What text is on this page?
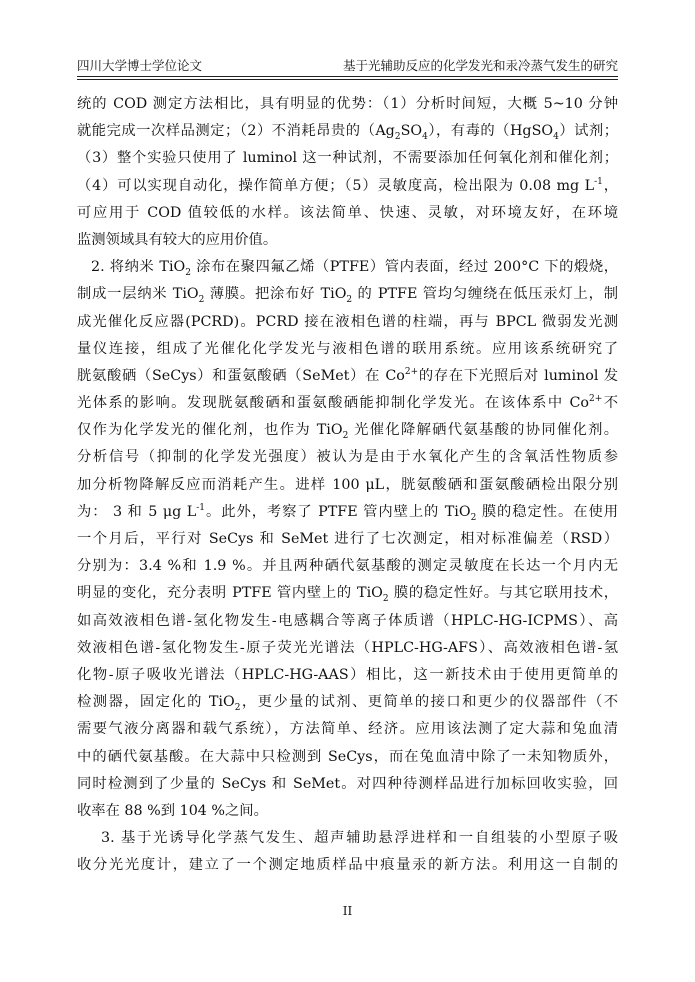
四川大学博士学位论文	基于光辅助反应的化学发光和汞冷蒸气发生的研究
统的 COD 测定方法相比，具有明显的优势：（1）分析时间短，大概 5~10 分钟
就能完成一次样品测定；（2）不消耗昂贵的$(Ag_2SO_4)$，有毒的（HgSO$_4$）试剂；
（3）整个实验只使用了 luminol 这一种试剂，不需要添加任何氧化剂和催化剂；
（4）可以实现自动化，操作简单方便；（5）灵敏度高，检出限为 0.08 mg $L^{-1}$，
可应用于 COD 值较低的水样。该法简单、快速、灵敏，对环境友好，在环境
监测领域具有较大的应用价值。
2. 将纳米 TiO$_2$ 涂布在聚四氟乙烯（PTFE）管内表面，经过 200°C 下的煅烧，
制成一层纳米 TiO$_2$ 薄膜。把涂布好 TiO$_2$ 的 PTFE 管均匀缠绕在低压汞灯上，制
成光催化反应器(PCRD)。PCRD 接在液相色谱的柱端，再与 BPCL 微弱发光测
量仪连接，组成了光催化化学发光与液相色谱的联用系统。应用该系统研究了
胱氨酸硒（SeCys）和蛋氨酸硒（SeMet）在 $Co^{2+}$的存在下光照后对 luminol 发
光体系的影响。发现胱氨酸硒和蛋氨酸硒能抑制化学发光。在该体系中 $Co^{2+}$不
仅作为化学发光的催化剂，也作为 TiO$_2$ 光催化降解硒代氨基酸的协同催化剂。
分析信号（抑制的化学发光强度）被认为是由于水氧化产生的含氧活性物质参
加分析物降解反应而消耗产生。进样 100 μL，胱氨酸硒和蛋氨酸硒检出限分别
为： 3 和 5 μg $L^{-1}$。此外，考察了 PTFE 管内壁上的 TiO$_2$ 膜的稳定性。在使用
一个月后，平行对 SeCys 和 SeMet 进行了七次测定，相对标准偏差（RSD）
分别为：3.4 %和 1.9 %。并且两种硒代氨基酸的测定灵敏度在长达一个月内无
明显的变化，充分表明 PTFE 管内壁上的 TiO$_2$ 膜的稳定性好。与其它联用技术，
如高效液相色谱-氢化物发生-电感耦合等离子体质谱（HPLC-HG-ICPMS）、高
效液相色谱-氢化物发生-原子荧光光谱法（HPLC-HG-AFS）、高效液相色谱-氢
化物-原子吸收光谱法（HPLC-HG-AAS）相比，这一新技术由于使用更简单的
检测器，固定化的 TiO$_2$，更少量的试剂、更简单的接口和更少的仪器部件（不
需要气液分离器和载气系统），方法简单、经济。应用该法测了定大蒜和兔血清
中的硒代氨基酸。在大蒜中只检测到 SeCys，而在兔血清中除了一未知物质外，
同时检测到了少量的 SeCys 和 SeMet。对四种待测样品进行加标回收实验，回
收率在 88 %到 104 %之间。
3. 基于光诱导化学蒸气发生、超声辅助悬浮进样和一自组装的小型原子吸
收分光光度计，建立了一个测定地质样品中痕量汞的新方法。利用这一自制的
II
